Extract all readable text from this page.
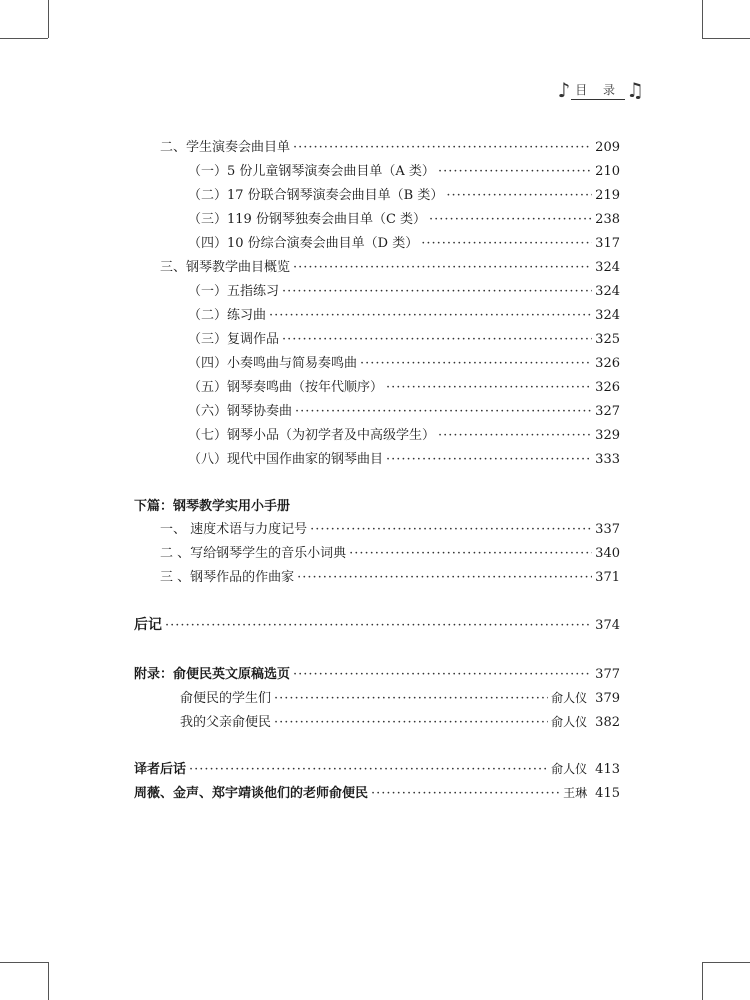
♪ 目 录 ♫
二、学生演奏会曲目单 ·····	209
（一）5 份儿童钢琴演奏会曲目单（A 类） ·····	210
（二）17 份联合钢琴演奏会曲目单（B 类） ·····	219
（三）119 份钢琴独奏会曲目单（C 类） ·····	238
（四）10 份综合演奏会曲目单（D 类） ·····	317
三、钢琴教学曲目概览 ·····	324
（一）五指练习 ·····	324
（二）练习曲 ·····	324
（三）复调作品 ·····	325
（四）小奏鸣曲与简易奏鸣曲 ·····	326
（五）钢琴奏鸣曲（按年代顺序） ·····	326
（六）钢琴协奏曲 ·····	327
（七）钢琴小品（为初学者及中高级学生） ·····	329
（八）现代中国作曲家的钢琴曲目 ·····	333
下篇：钢琴教学实用小手册
一、 速度术语与力度记号 ·····	337
二 、写给钢琴学生的音乐小词典 ·····	340
三 、钢琴作品的作曲家 ·····	371
后记 ·····	374
附录：俞便民英文原稿选页 ·····	377
俞便民的学生们 ·····	俞人仪 379
我的父亲俞便民 ·····	俞人仪 382
译者后话 ·····	俞人仪 413
周薇、金声、郑宇靖谈他们的老师俞便民 ·····	王琳 415
